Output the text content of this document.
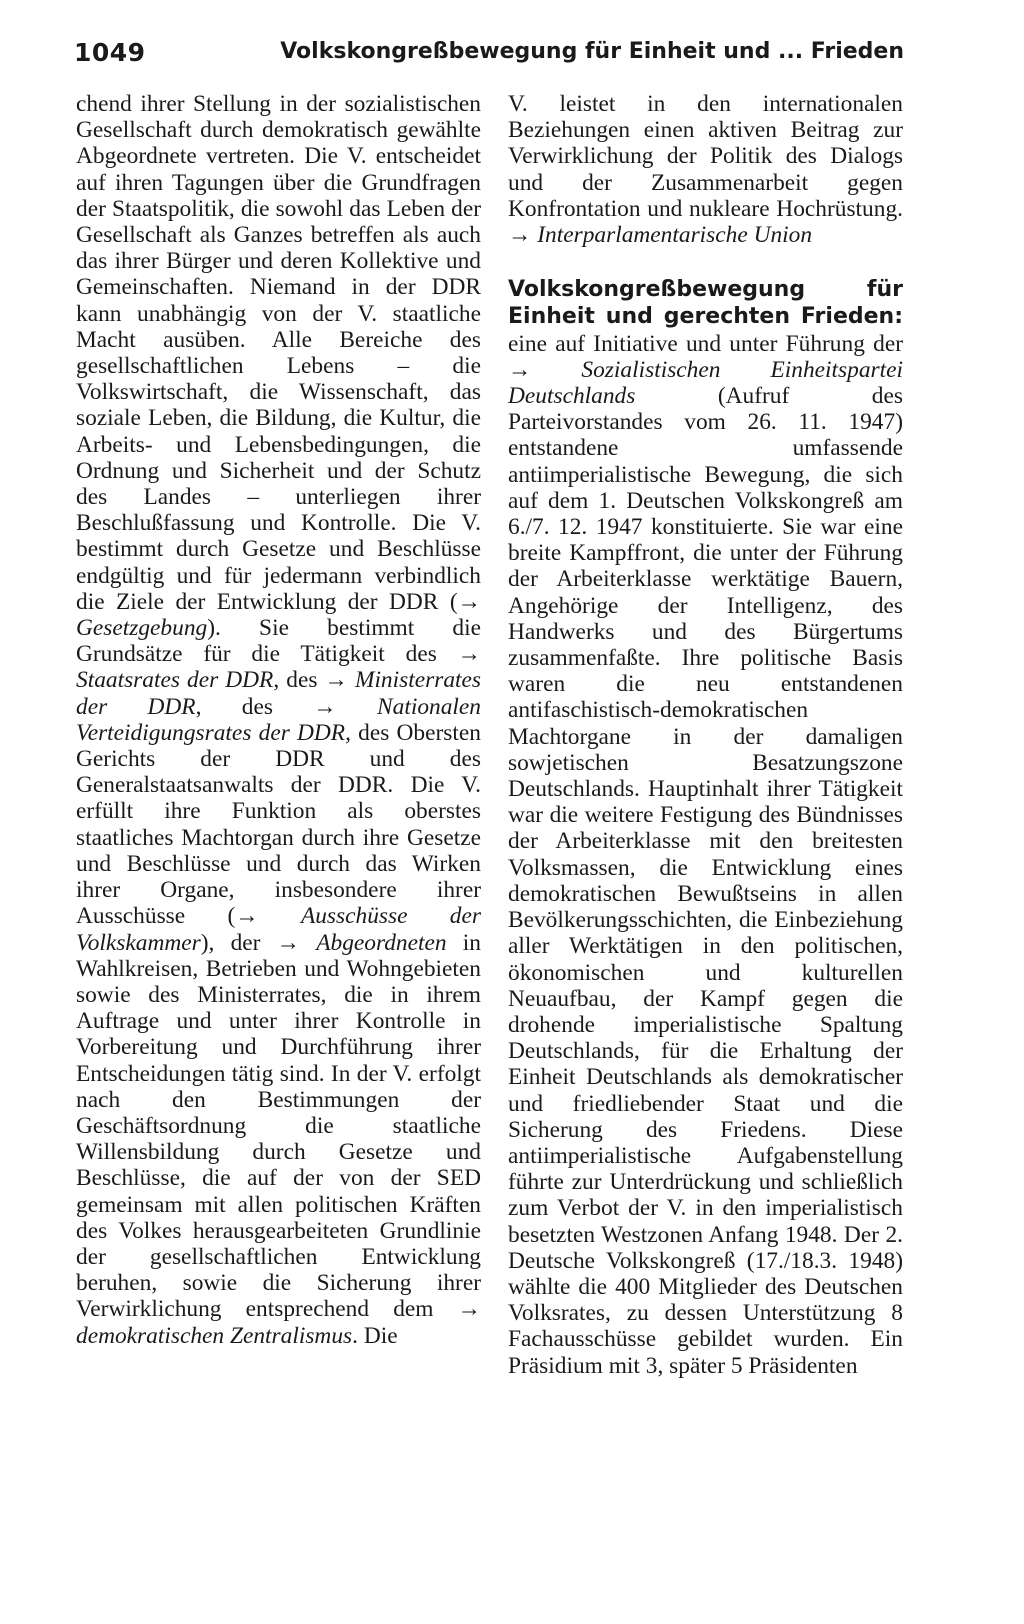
1049	Volkskongreßbewegung für Einheit und ... Frieden

chend ihrer Stellung in der sozialistischen Gesellschaft durch demokratisch gewählte Abgeordnete vertreten. Die V. entscheidet auf ihren Tagungen über die Grundfragen der Staatspolitik, die sowohl das Leben der Gesellschaft als Ganzes betreffen als auch das ihrer Bürger und deren Kollektive und Gemeinschaften. Niemand in der DDR kann unabhängig von der V. staatliche Macht ausüben. Alle Bereiche des gesellschaftlichen Lebens – die Volkswirtschaft, die Wissenschaft, das soziale Leben, die Bildung, die Kultur, die Arbeits- und Lebensbedingungen, die Ordnung und Sicherheit und der Schutz des Landes – unterliegen ihrer Beschlußfassung und Kontrolle. Die V. bestimmt durch Gesetze und Beschlüsse endgültig und für jedermann verbindlich die Ziele der Entwicklung der DDR (→ Gesetzgebung). Sie bestimmt die Grundsätze für die Tätigkeit des → Staatsrates der DDR, des → Ministerrates der DDR, des → Nationalen Verteidigungsrates der DDR, des Obersten Gerichts der DDR und des Generalstaatsanwalts der DDR. Die V. erfüllt ihre Funktion als oberstes staatliches Machtorgan durch ihre Gesetze und Beschlüsse und durch das Wirken ihrer Organe, insbesondere ihrer Ausschüsse (→ Ausschüsse der Volkskammer), der → Abgeordneten in Wahlkreisen, Betrieben und Wohngebieten sowie des Ministerrates, die in ihrem Auftrage und unter ihrer Kontrolle in Vorbereitung und Durchführung ihrer Entscheidungen tätig sind. In der V. erfolgt nach den Bestimmungen der Geschäftsordnung die staatliche Willensbildung durch Gesetze und Beschlüsse, die auf der von der SED gemeinsam mit allen politischen Kräften des Volkes herausgearbeiteten Grundlinie der gesellschaftlichen Entwicklung beruhen, sowie die Sicherung ihrer Verwirklichung entsprechend dem → demokratischen Zentralismus. Die

V. leistet in den internationalen Beziehungen einen aktiven Beitrag zur Verwirklichung der Politik des Dialogs und der Zusammenarbeit gegen Konfrontation und nukleare Hochrüstung. → Interparlamentarische Union

Volkskongreßbewegung für Einheit und gerechten Frieden: eine auf Initiative und unter Führung der → Sozialistischen Einheitspartei Deutschlands (Aufruf des Parteivorstandes vom 26. 11. 1947) entstandene umfassende antiimperialistische Bewegung, die sich auf dem 1. Deutschen Volkskongreß am 6./7. 12. 1947 konstituierte. Sie war eine breite Kampffront, die unter der Führung der Arbeiterklasse werktätige Bauern, Angehörige der Intelligenz, des Handwerks und des Bürgertums zusammenfaßte. Ihre politische Basis waren die neu entstandenen antifaschistisch-demokratischen Machtorgane in der damaligen sowjetischen Besatzungszone Deutschlands. Hauptinhalt ihrer Tätigkeit war die weitere Festigung des Bündnisses der Arbeiterklasse mit den breitesten Volksmassen, die Entwicklung eines demokratischen Bewußtseins in allen Bevölkerungsschichten, die Einbeziehung aller Werktätigen in den politischen, ökonomischen und kulturellen Neuaufbau, der Kampf gegen die drohende imperialistische Spaltung Deutschlands, für die Erhaltung der Einheit Deutschlands als demokratischer und friedliebender Staat und die Sicherung des Friedens. Diese antiimperialistische Aufgabenstellung führte zur Unterdrückung und schließlich zum Verbot der V. in den imperialistisch besetzten Westzonen Anfang 1948. Der 2. Deutsche Volkskongreß (17./18.3. 1948) wählte die 400 Mitglieder des Deutschen Volksrates, zu dessen Unterstützung 8 Fachausschüsse gebildet wurden. Ein Präsidium mit 3, später 5 Präsidenten
